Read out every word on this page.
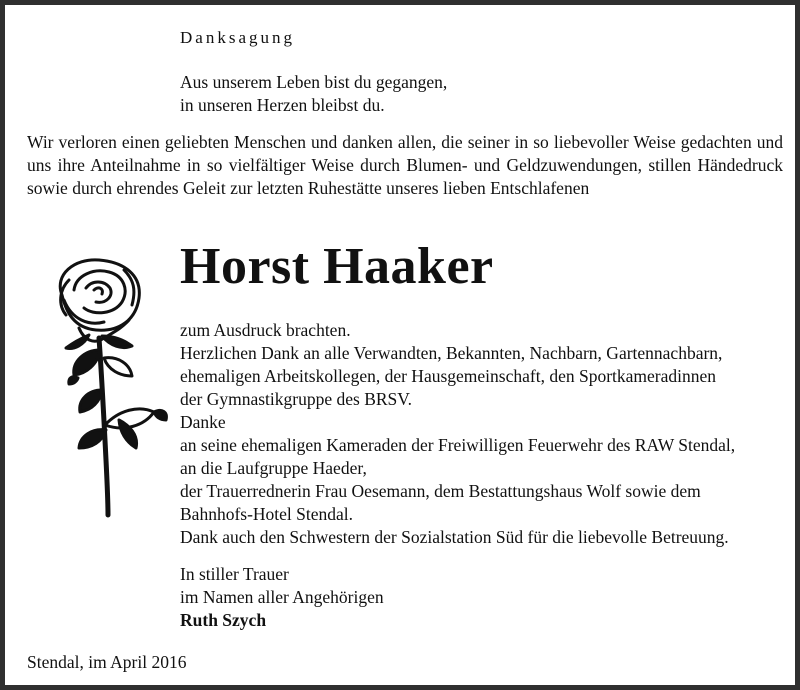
Danksagung

Aus unserem Leben bist du gegangen,
in unseren Herzen bleibst du.

Wir verloren einen geliebten Menschen und danken allen, die seiner in so liebevoller Weise gedachten und uns ihre Anteilnahme in so vielfältiger Weise durch Blumen- und Geldzuwendungen, stillen Händedruck sowie durch ehrendes Geleit zur letzten Ruhestätte unseres lieben Entschlafenen

Horst Haaker
zum Ausdruck brachten.
Herzlichen Dank an alle Verwandten, Bekannten, Nachbarn, Gartennachbarn,
ehemaligen Arbeitskollegen, der Hausgemeinschaft, den Sportkameradinnen
der Gymnastikgruppe des BRSV.
Danke
an seine ehemaligen Kameraden der Freiwilligen Feuerwehr des RAW Stendal,
an die Laufgruppe Haeder,
der Trauerrednerin Frau Oesemann, dem Bestattungshaus Wolf sowie dem
Bahnhofs-Hotel Stendal.
Dank auch den Schwestern der Sozialstation Süd für die liebevolle Betreuung.
In stiller Trauer
im Namen aller Angehörigen
Ruth Szych

Stendal, im April 2016
